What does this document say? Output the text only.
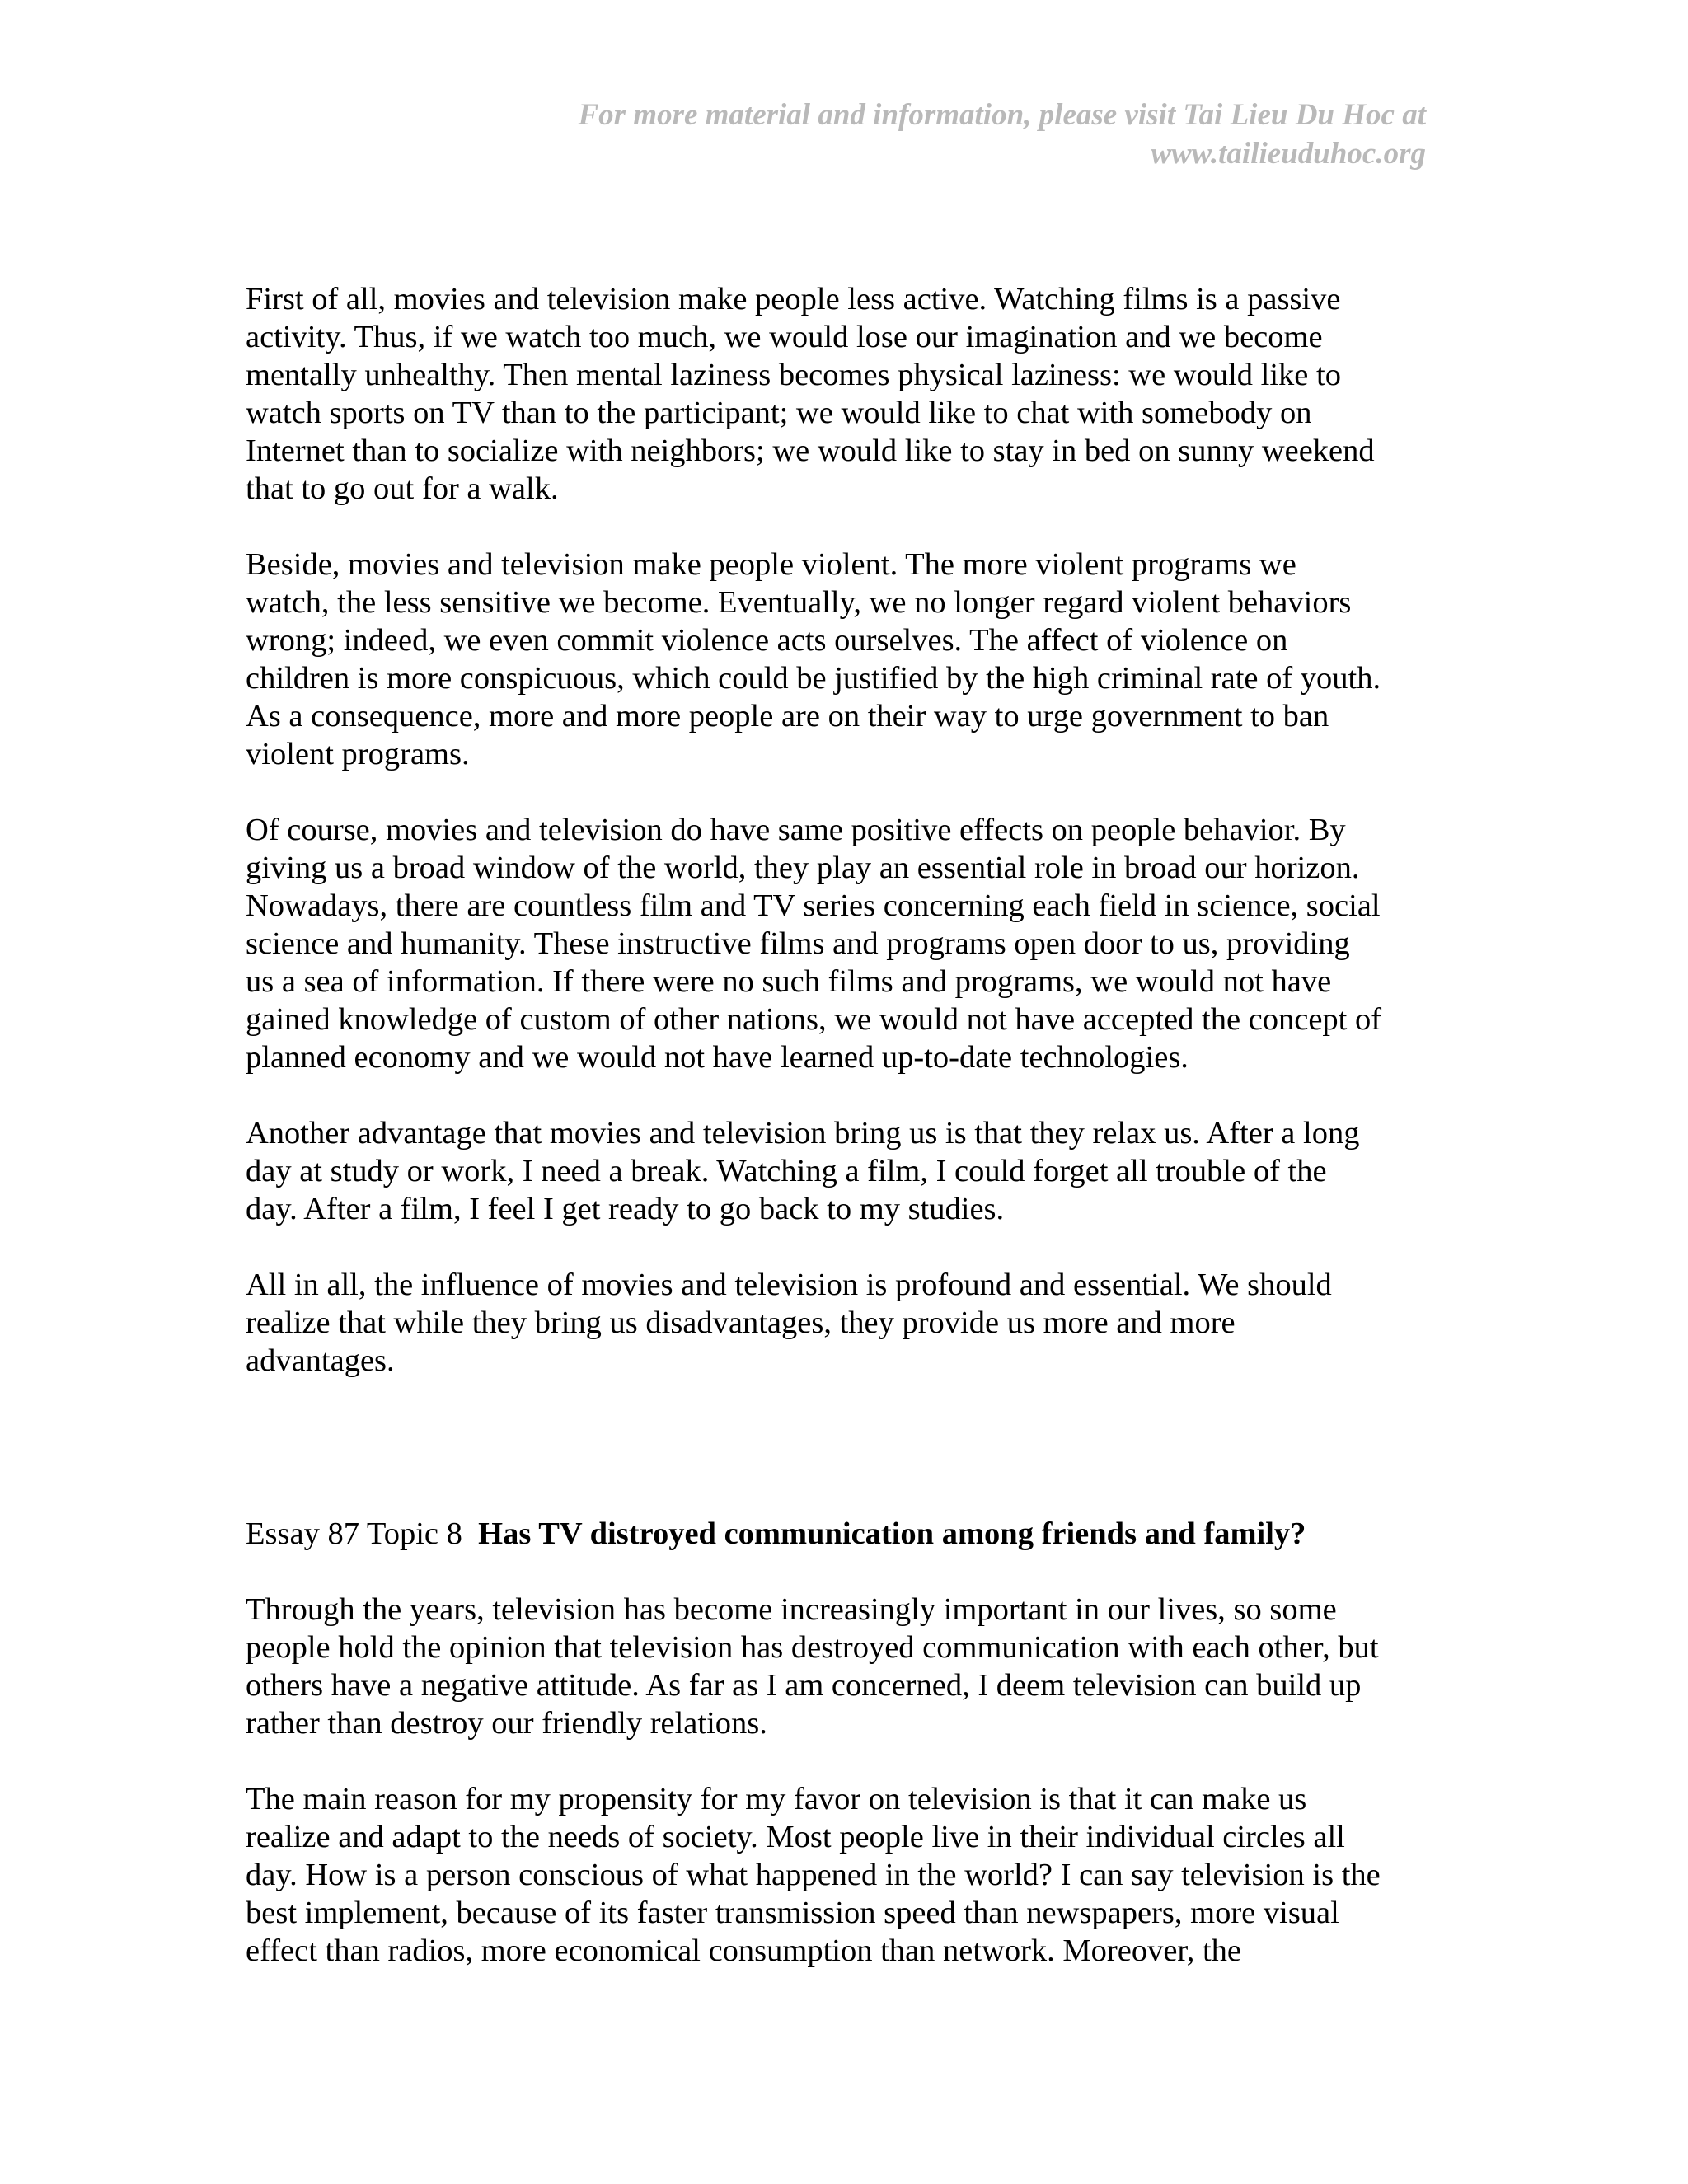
For more material and information, please visit Tai Lieu Du Hoc at
www.tailieuduhoc.org

First of all, movies and television make people less active. Watching films is a passive
activity. Thus, if we watch too much, we would lose our imagination and we become
mentally unhealthy. Then mental laziness becomes physical laziness: we would like to
watch sports on TV than to the participant; we would like to chat with somebody on
Internet than to socialize with neighbors; we would like to stay in bed on sunny weekend
that to go out for a walk.

Beside, movies and television make people violent. The more violent programs we
watch, the less sensitive we become. Eventually, we no longer regard violent behaviors
wrong; indeed, we even commit violence acts ourselves. The affect of violence on
children is more conspicuous, which could be justified by the high criminal rate of youth.
As a consequence, more and more people are on their way to urge government to ban
violent programs.

Of course, movies and television do have same positive effects on people behavior. By
giving us a broad window of the world, they play an essential role in broad our horizon.
Nowadays, there are countless film and TV series concerning each field in science, social
science and humanity. These instructive films and programs open door to us, providing
us a sea of information. If there were no such films and programs, we would not have
gained knowledge of custom of other nations, we would not have accepted the concept of
planned economy and we would not have learned up-to-date technologies.

Another advantage that movies and television bring us is that they relax us. After a long
day at study or work, I need a break. Watching a film, I could forget all trouble of the
day. After a film, I feel I get ready to go back to my studies.

All in all, the influence of movies and television is profound and essential. We should
realize that while they bring us disadvantages, they provide us more and more
advantages.

Essay 87 Topic 8 Has TV distroyed communication among friends and family?

Through the years, television has become increasingly important in our lives, so some
people hold the opinion that television has destroyed communication with each other, but
others have a negative attitude. As far as I am concerned, I deem television can build up
rather than destroy our friendly relations.

The main reason for my propensity for my favor on television is that it can make us
realize and adapt to the needs of society. Most people live in their individual circles all
day. How is a person conscious of what happened in the world? I can say television is the
best implement, because of its faster transmission speed than newspapers, more visual
effect than radios, more economical consumption than network. Moreover, the
